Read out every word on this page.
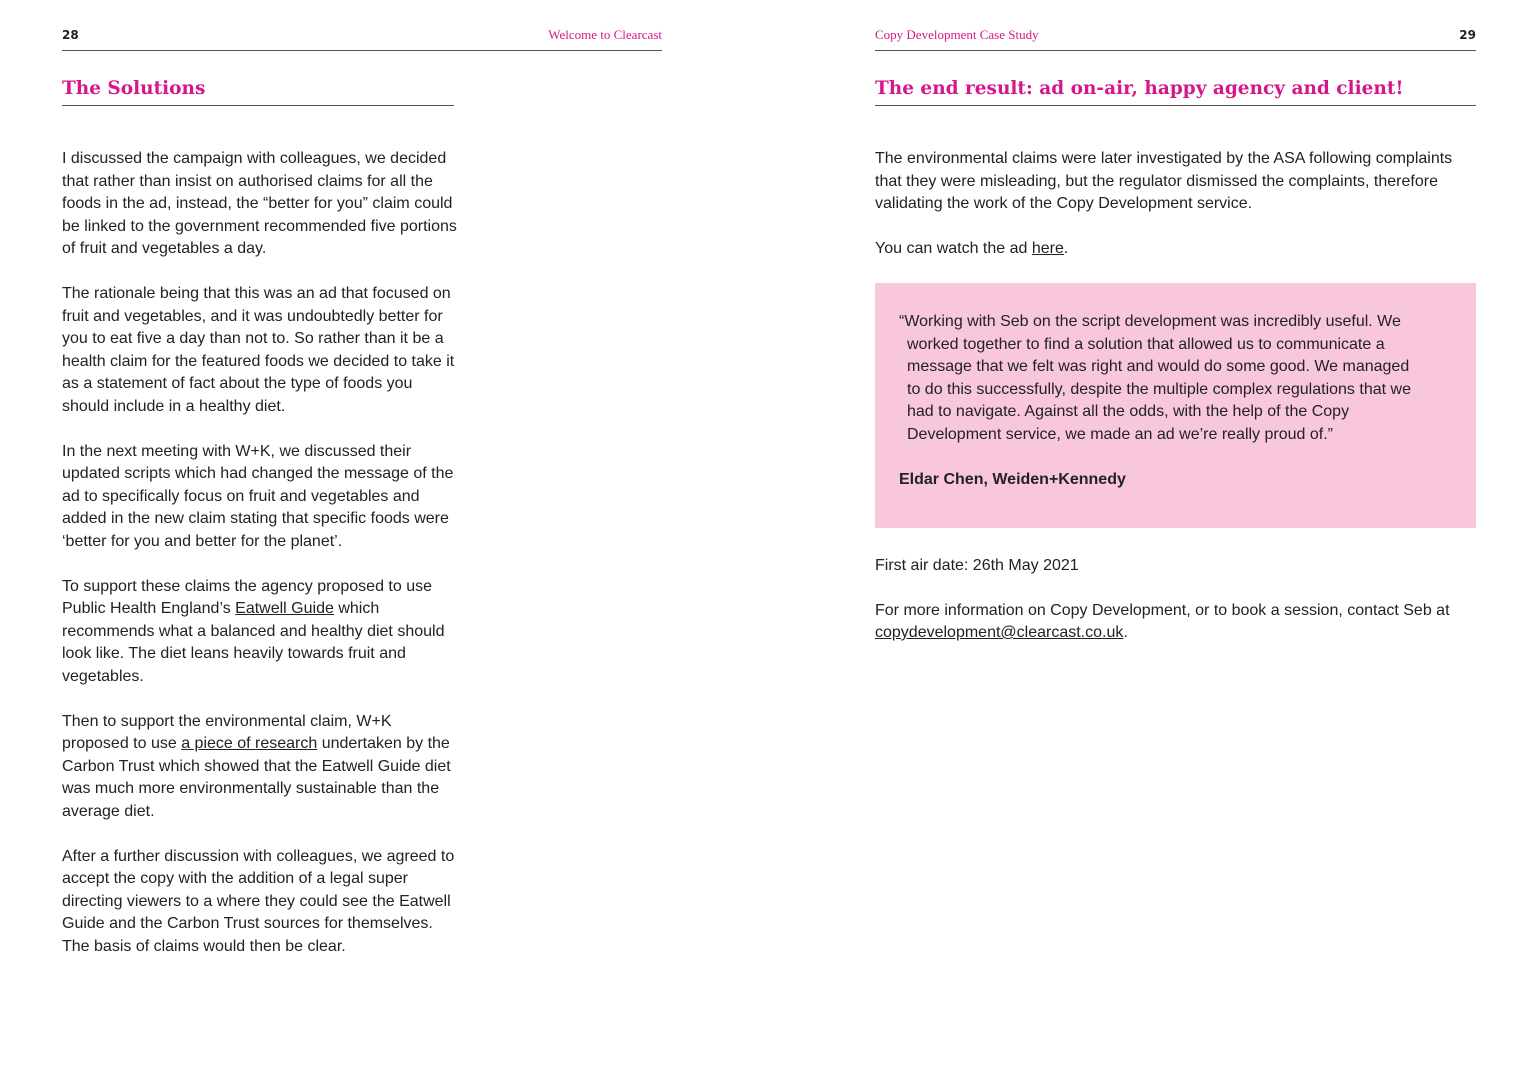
28	Welcome to Clearcast
The Solutions

I discussed the campaign with colleagues, we decided that rather than insist on authorised claims for all the foods in the ad, instead, the “better for you” claim could be linked to the government recommended five portions of fruit and vegetables a day.

The rationale being that this was an ad that focused on fruit and vegetables, and it was undoubtedly better for you to eat five a day than not to. So rather than it be a health claim for the featured foods we decided to take it as a statement of fact about the type of foods you should include in a healthy diet.

In the next meeting with W+K, we discussed their updated scripts which had changed the message of the ad to specifically focus on fruit and vegetables and added in the new claim stating that specific foods were ‘better for you and better for the planet’.

To support these claims the agency proposed to use Public Health England’s Eatwell Guide which recommends what a balanced and healthy diet should look like. The diet leans heavily towards fruit and vegetables.

Then to support the environmental claim, W+K proposed to use a piece of research undertaken by the Carbon Trust which showed that the Eatwell Guide diet was much more environmentally sustainable than the average diet.

After a further discussion with colleagues, we agreed to accept the copy with the addition of a legal super directing viewers to a where they could see the Eatwell Guide and the Carbon Trust sources for themselves. The basis of claims would then be clear.

Copy Development Case Study	29
The end result: ad on-air, happy agency and client!

The environmental claims were later investigated by the ASA following complaints that they were misleading, but the regulator dismissed the complaints, therefore validating the work of the Copy Development service.

You can watch the ad here.

“Working with Seb on the script development was incredibly useful. We worked together to find a solution that allowed us to communicate a message that we felt was right and would do some good. We managed to do this successfully, despite the multiple complex regulations that we had to navigate. Against all the odds, with the help of the Copy Development service, we made an ad we’re really proud of.”

Eldar Chen, Weiden+Kennedy

First air date: 26th May 2021

For more information on Copy Development, or to book a session, contact Seb at copydevelopment@clearcast.co.uk.
